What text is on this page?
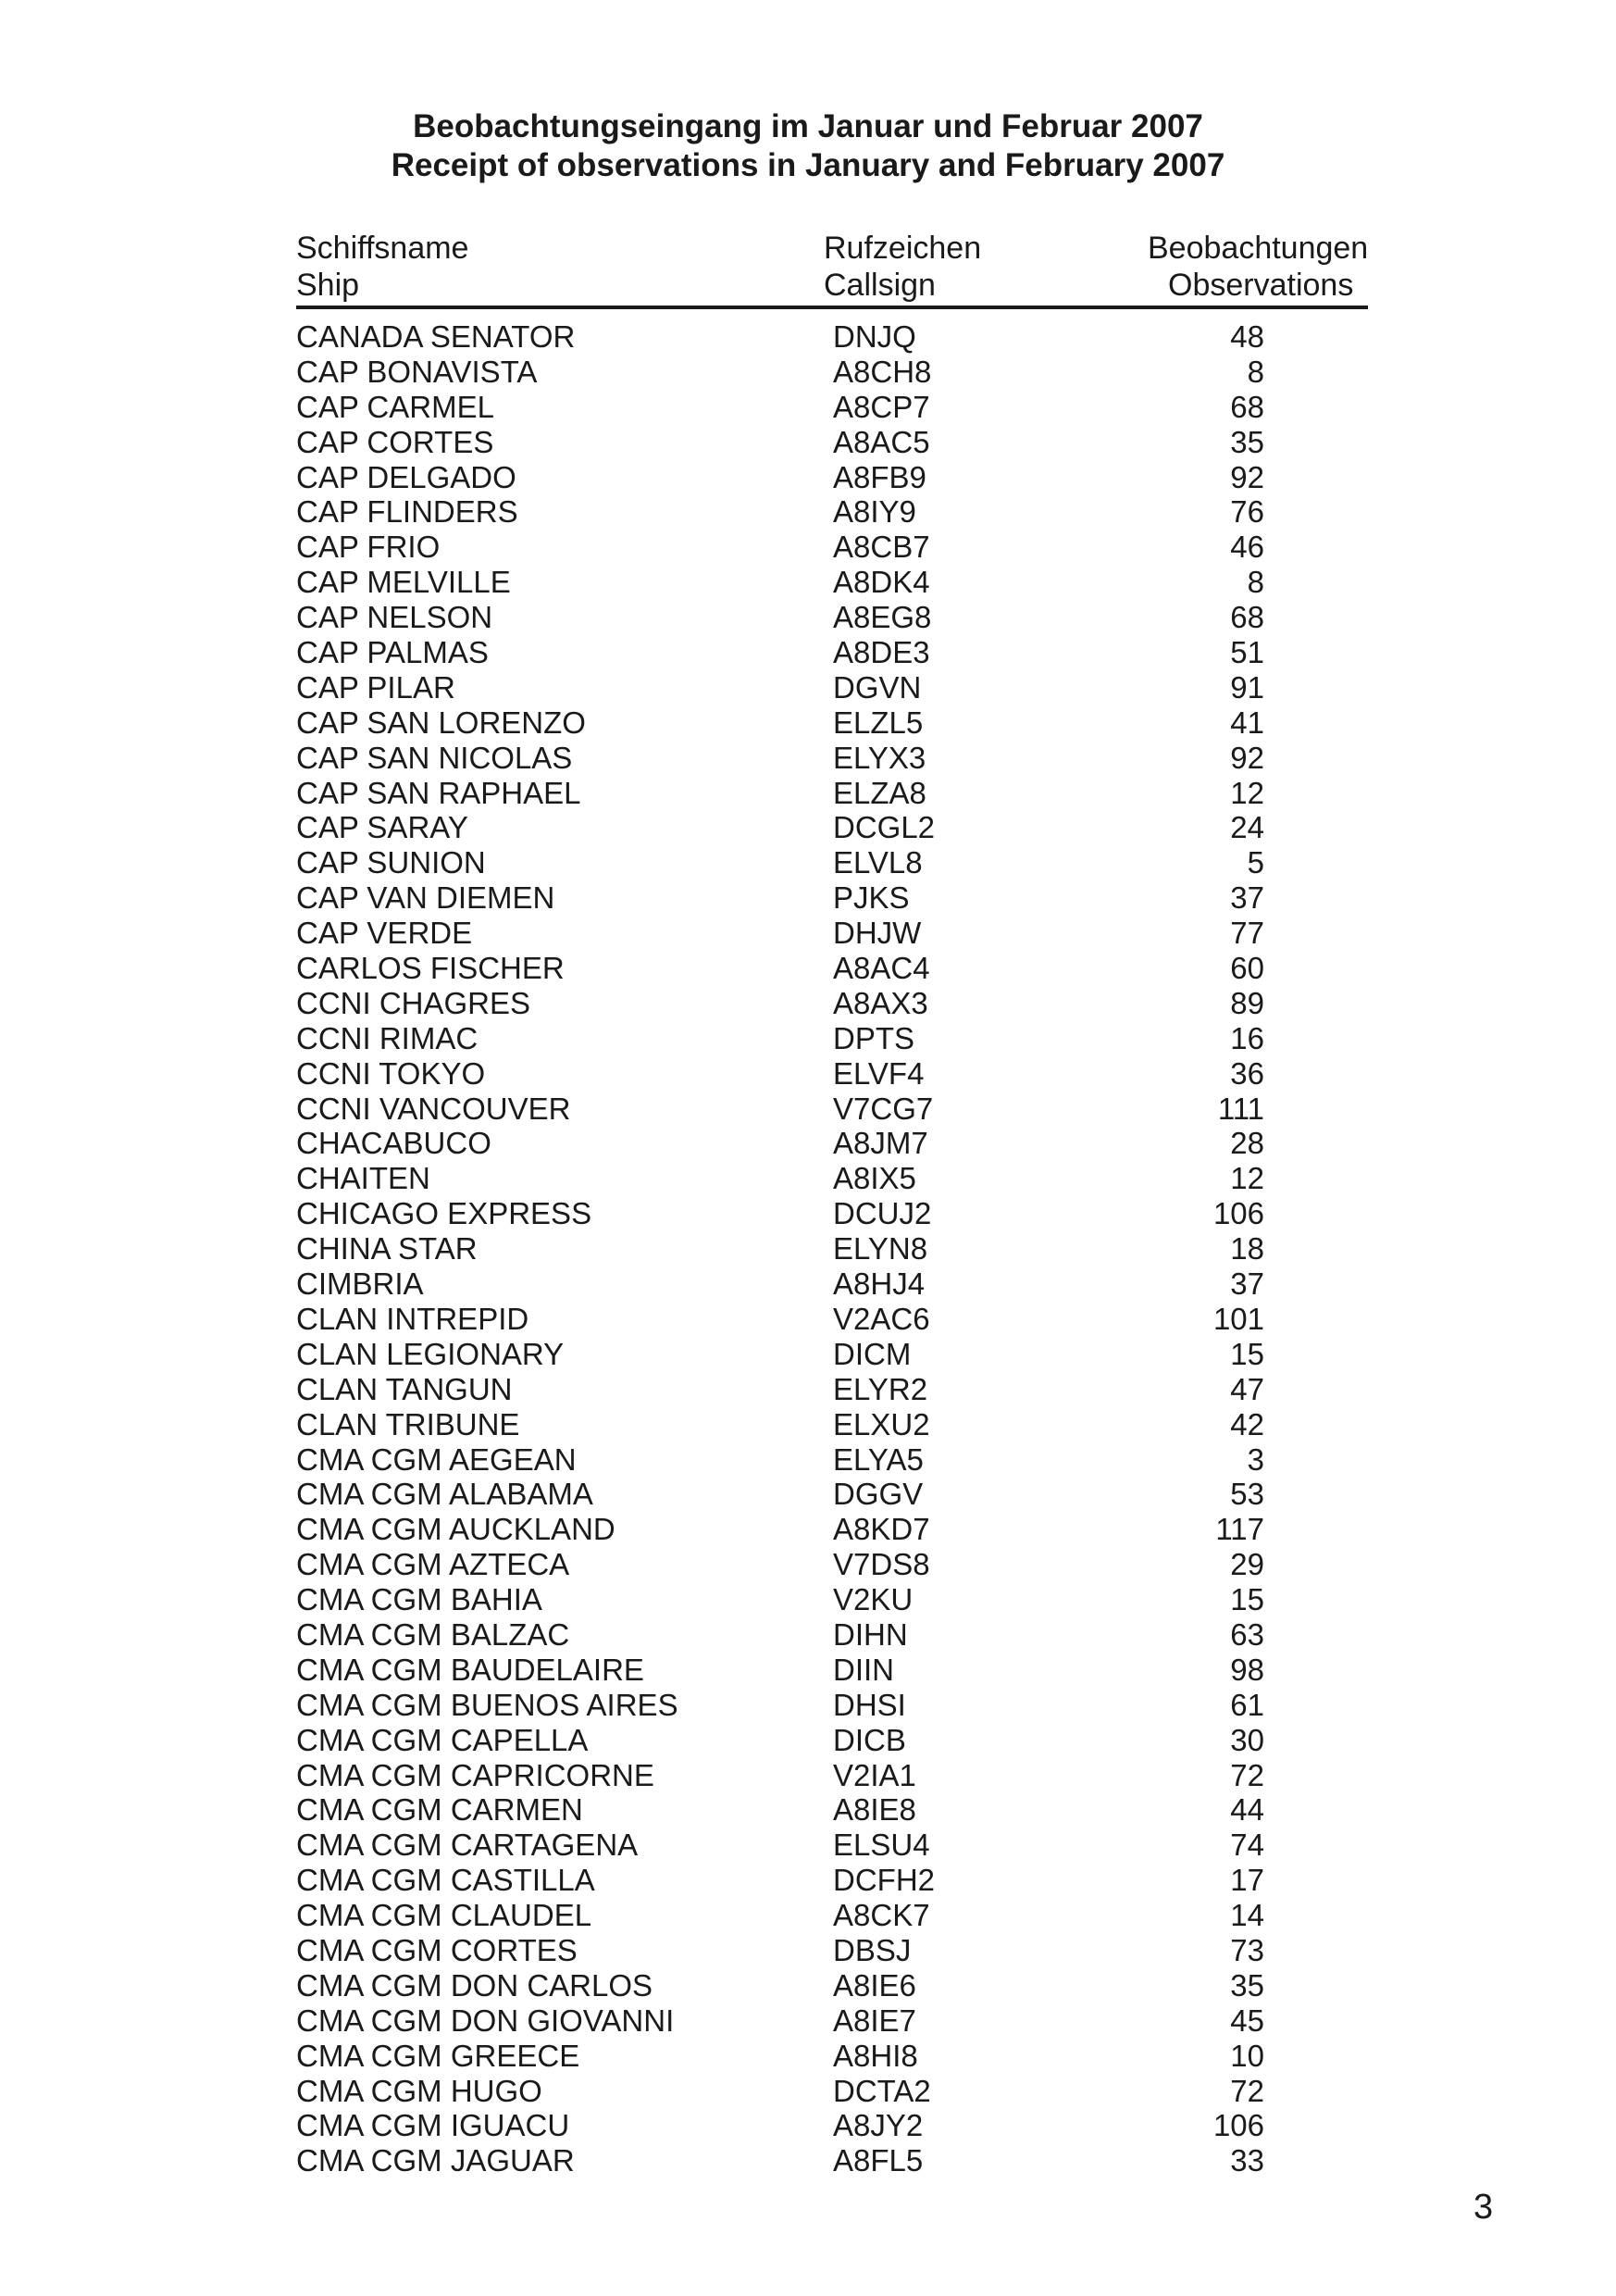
Beobachtungseingang im Januar und Februar 2007
Receipt of observations in January and February 2007
Schiffsname
Ship
Rufzeichen
Callsign
Beobachtungen
Observations
CANADA SENATOR	DNJQ	48
CAP BONAVISTA	A8CH8	8
CAP CARMEL	A8CP7	68
CAP CORTES	A8AC5	35
CAP DELGADO	A8FB9	92
CAP FLINDERS	A8IY9	76
CAP FRIO	A8CB7	46
CAP MELVILLE	A8DK4	8
CAP NELSON	A8EG8	68
CAP PALMAS	A8DE3	51
CAP PILAR	DGVN	91
CAP SAN LORENZO	ELZL5	41
CAP SAN NICOLAS	ELYX3	92
CAP SAN RAPHAEL	ELZA8	12
CAP SARAY	DCGL2	24
CAP SUNION	ELVL8	5
CAP VAN DIEMEN	PJKS	37
CAP VERDE	DHJW	77
CARLOS FISCHER	A8AC4	60
CCNI CHAGRES	A8AX3	89
CCNI RIMAC	DPTS	16
CCNI TOKYO	ELVF4	36
CCNI VANCOUVER	V7CG7	111
CHACABUCO	A8JM7	28
CHAITEN	A8IX5	12
CHICAGO EXPRESS	DCUJ2	106
CHINA STAR	ELYN8	18
CIMBRIA	A8HJ4	37
CLAN INTREPID	V2AC6	101
CLAN LEGIONARY	DICM	15
CLAN TANGUN	ELYR2	47
CLAN TRIBUNE	ELXU2	42
CMA CGM AEGEAN	ELYA5	3
CMA CGM ALABAMA	DGGV	53
CMA CGM AUCKLAND	A8KD7	117
CMA CGM AZTECA	V7DS8	29
CMA CGM BAHIA	V2KU	15
CMA CGM BALZAC	DIHN	63
CMA CGM BAUDELAIRE	DIIN	98
CMA CGM BUENOS AIRES	DHSI	61
CMA CGM CAPELLA	DICB	30
CMA CGM CAPRICORNE	V2IA1	72
CMA CGM CARMEN	A8IE8	44
CMA CGM CARTAGENA	ELSU4	74
CMA CGM CASTILLA	DCFH2	17
CMA CGM CLAUDEL	A8CK7	14
CMA CGM CORTES	DBSJ	73
CMA CGM DON CARLOS	A8IE6	35
CMA CGM DON GIOVANNI	A8IE7	45
CMA CGM GREECE	A8HI8	10
CMA CGM HUGO	DCTA2	72
CMA CGM IGUACU	A8JY2	106
CMA CGM JAGUAR	A8FL5	33
3
